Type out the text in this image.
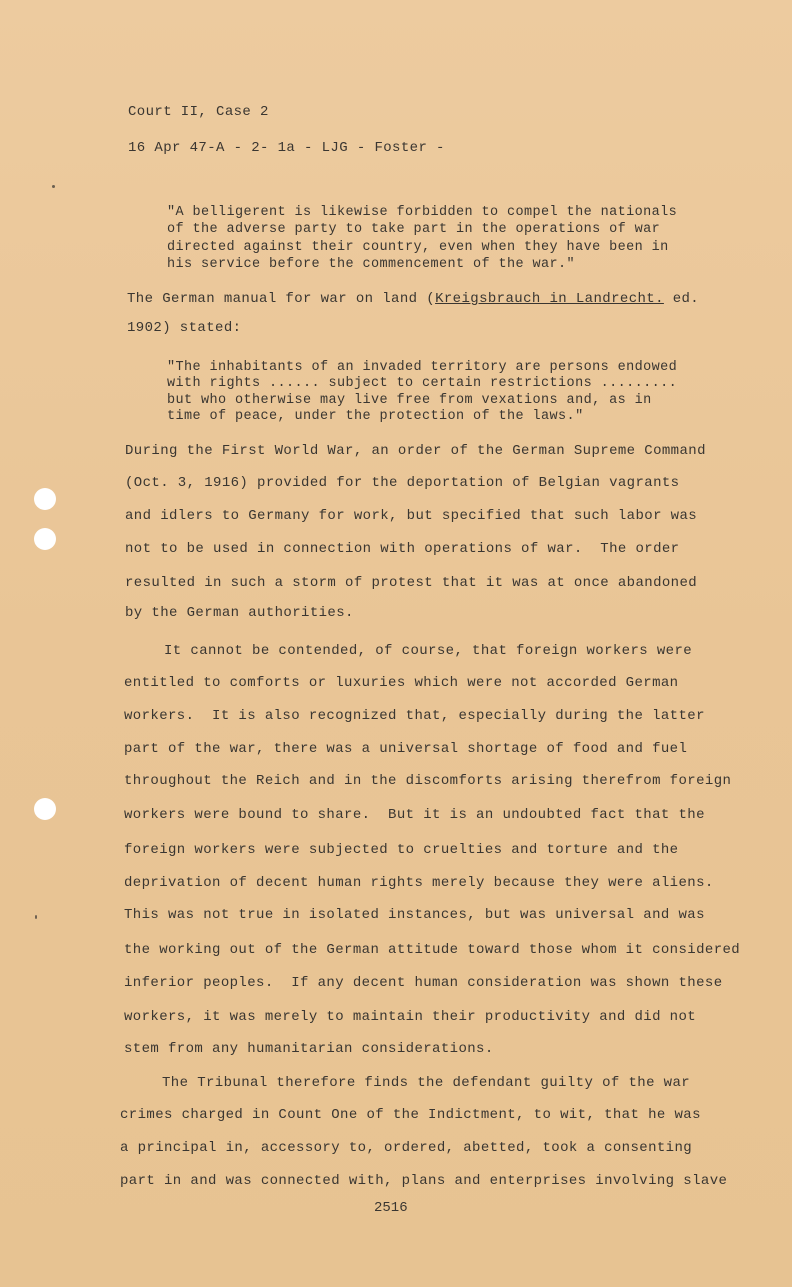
Court II, Case 2
16 Apr 47-A - 2- 1a - LJG - Foster -
"A belligerent is likewise forbidden to compel the nationals
of the adverse party to take part in the operations of war
directed against their country, even when they have been in
his service before the commencement of the war."
The German manual for war on land (Kreigsbrauch in Landrecht. ed.
1902) stated:
"The inhabitants of an invaded territory are persons endowed
with rights ...... subject to certain restrictions .........
but who otherwise may live free from vexations and, as in
time of peace, under the protection of the laws."
During the First World War, an order of the German Supreme Command
(Oct. 3, 1916) provided for the deportation of Belgian vagrants
and idlers to Germany for work, but specified that such labor was
not to be used in connection with operations of war.  The order
resulted in such a storm of protest that it was at once abandoned
by the German authorities.
It cannot be contended, of course, that foreign workers were
entitled to comforts or luxuries which were not accorded German
workers.  It is also recognized that, especially during the latter
part of the war, there was a universal shortage of food and fuel
throughout the Reich and in the discomforts arising therefrom foreign
workers were bound to share.  But it is an undoubted fact that the
foreign workers were subjected to cruelties and torture and the
deprivation of decent human rights merely because they were aliens.
This was not true in isolated instances, but was universal and was
the working out of the German attitude toward those whom it considered
inferior peoples.  If any decent human consideration was shown these
workers, it was merely to maintain their productivity and did not
stem from any humanitarian considerations.
The Tribunal therefore finds the defendant guilty of the war
crimes charged in Count One of the Indictment, to wit, that he was
a principal in, accessory to, ordered, abetted, took a consenting
part in and was connected with, plans and enterprises involving slave
2516
